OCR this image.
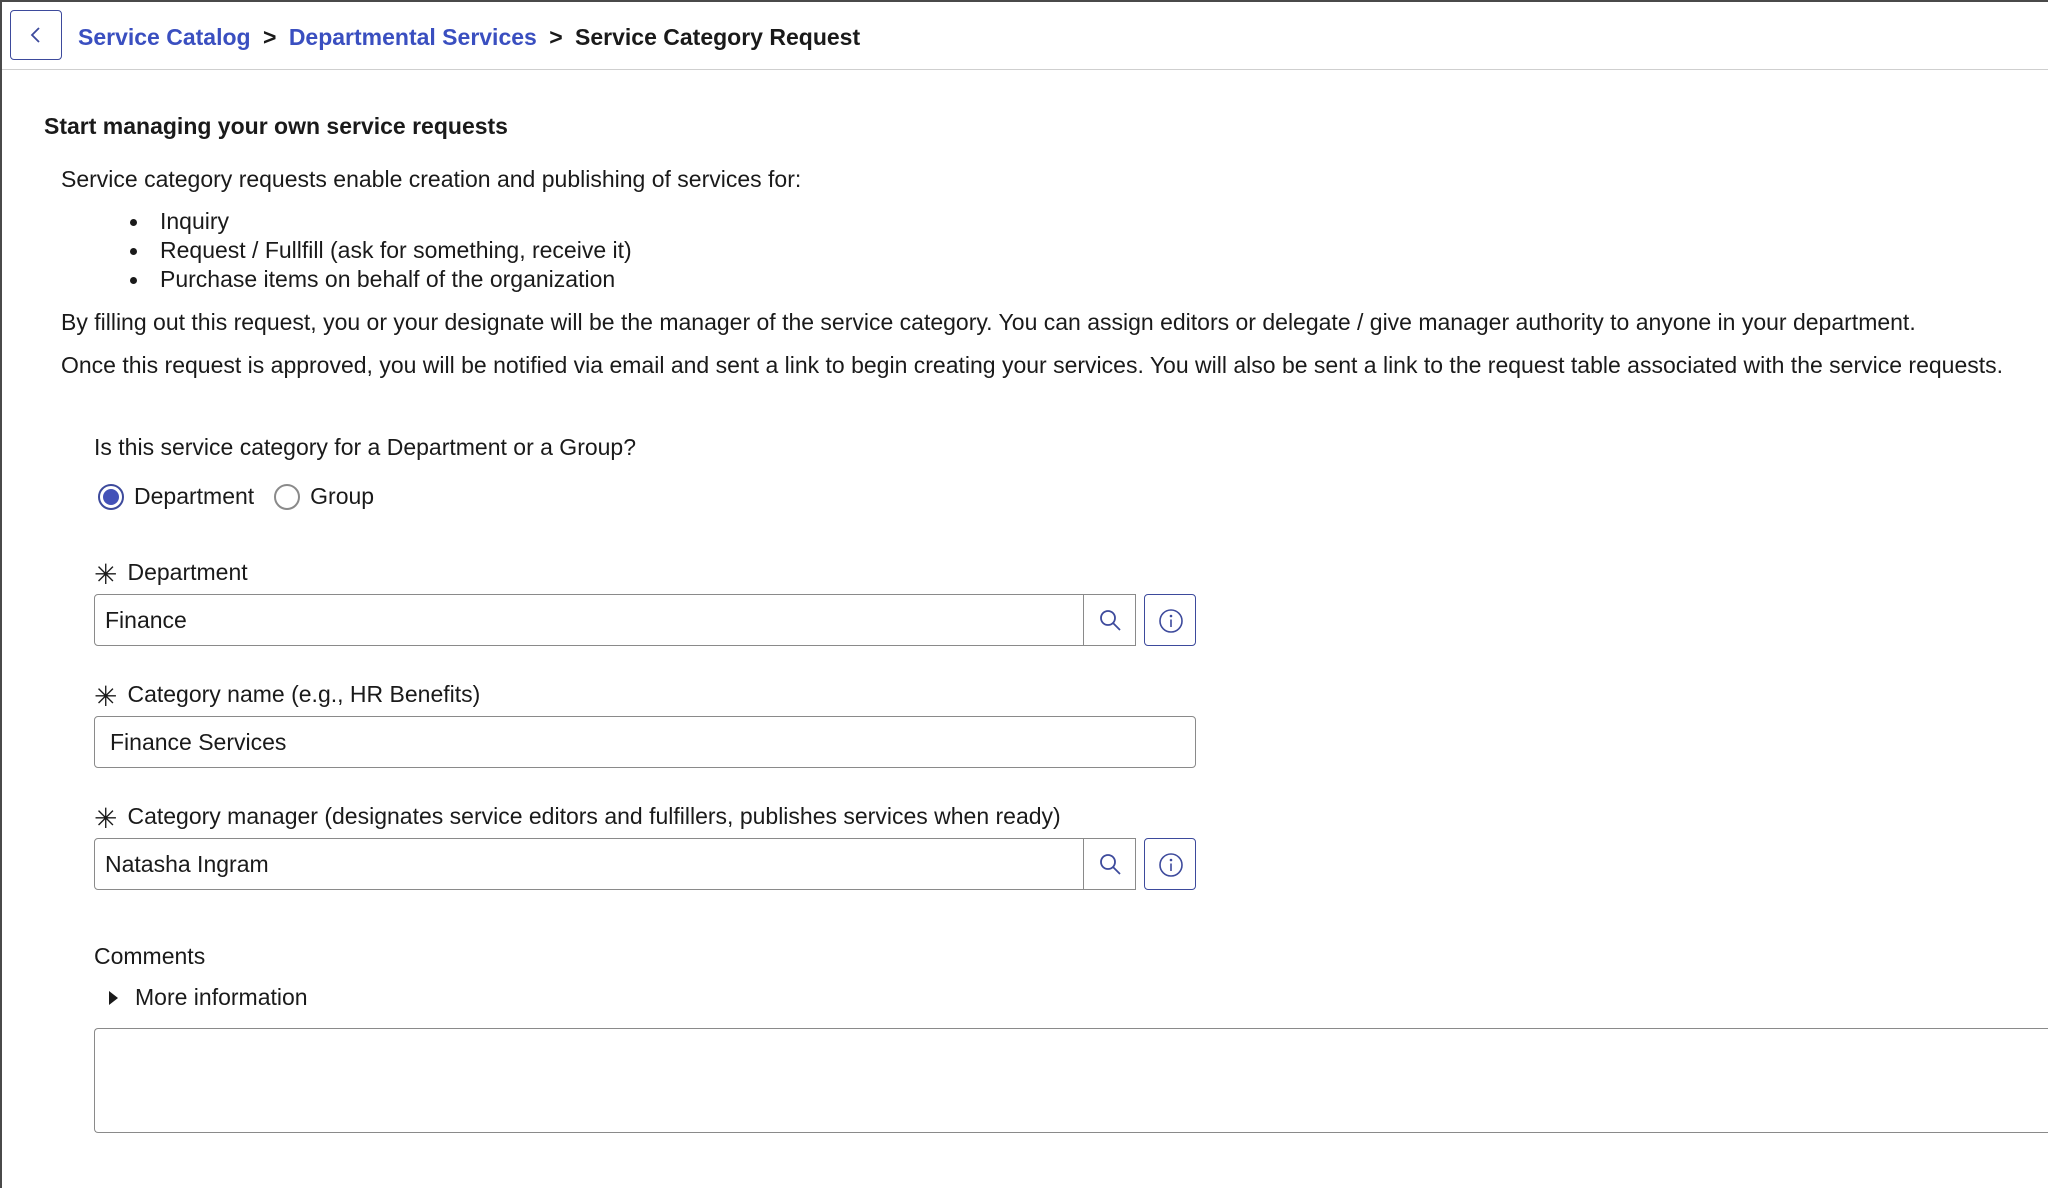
Service Catalog > Departmental Services > Service Category Request
Start managing your own service requests
Service category requests enable creation and publishing of services for:
Inquiry
Request / Fullfill (ask for something, receive it)
Purchase items on behalf of the organization
By filling out this request, you or your designate will be the manager of the service category. You can assign editors or delegate / give manager authority to anyone in your department.
Once this request is approved, you will be notified via email and sent a link to begin creating your services. You will also be sent a link to the request table associated with the service requests.
Is this service category for a Department or a Group?
Department Group
✳ Department
Finance
✳ Category name (e.g., HR Benefits)
Finance Services
✳ Category manager (designates service editors and fulfillers, publishes services when ready)
Natasha Ingram
Comments
More information
